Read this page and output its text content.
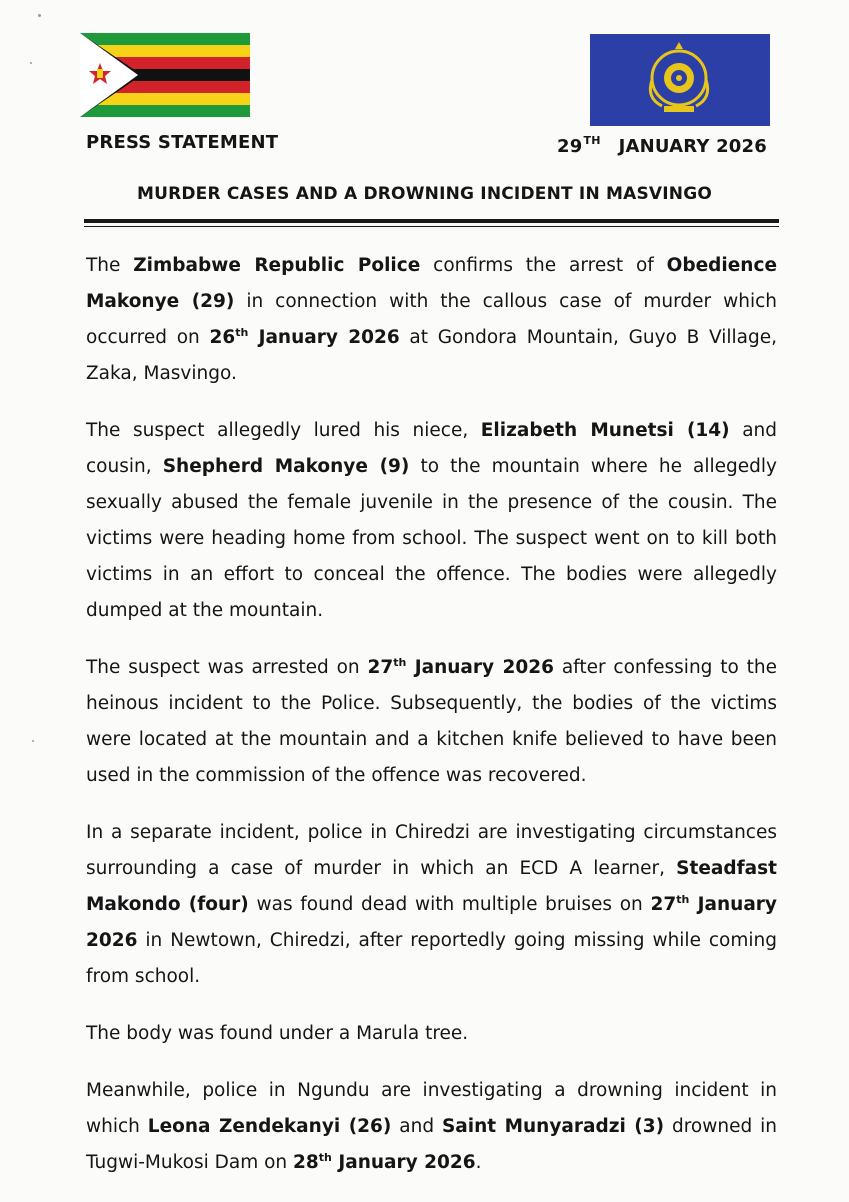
PRESS STATEMENT	29TH JANUARY 2026
MURDER CASES AND A DROWNING INCIDENT IN MASVINGO

The Zimbabwe Republic Police confirms the arrest of Obedience Makonye (29) in connection with the callous case of murder which occurred on 26th January 2026 at Gondora Mountain, Guyo B Village, Zaka, Masvingo.

The suspect allegedly lured his niece, Elizabeth Munetsi (14) and cousin, Shepherd Makonye (9) to the mountain where he allegedly sexually abused the female juvenile in the presence of the cousin. The victims were heading home from school. The suspect went on to kill both victims in an effort to conceal the offence. The bodies were allegedly dumped at the mountain.

The suspect was arrested on 27th January 2026 after confessing to the heinous incident to the Police. Subsequently, the bodies of the victims were located at the mountain and a kitchen knife believed to have been used in the commission of the offence was recovered.

In a separate incident, police in Chiredzi are investigating circumstances surrounding a case of murder in which an ECD A learner, Steadfast Makondo (four) was found dead with multiple bruises on 27th January 2026 in Newtown, Chiredzi, after reportedly going missing while coming from school.

The body was found under a Marula tree.

Meanwhile, police in Ngundu are investigating a drowning incident in which Leona Zendekanyi (26) and Saint Munyaradzi (3) drowned in Tugwi-Mukosi Dam on 28th January 2026.
